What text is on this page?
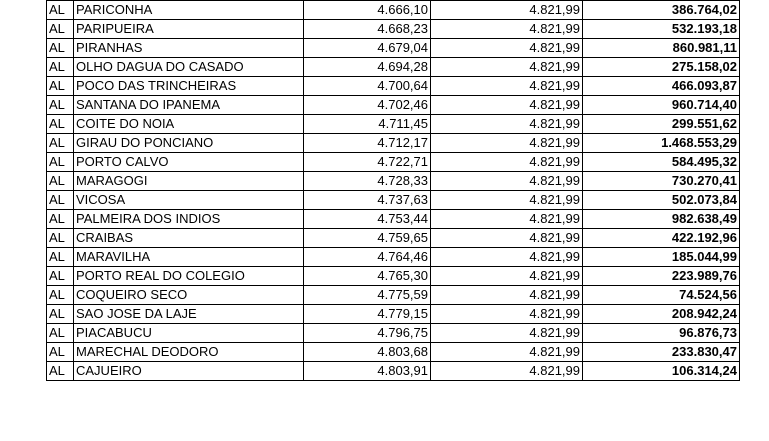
AL	PARICONHA	4.666,10	4.821,99	386.764,02
AL	PARIPUEIRA	4.668,23	4.821,99	532.193,18
AL	PIRANHAS	4.679,04	4.821,99	860.981,11
AL	OLHO DAGUA DO CASADO	4.694,28	4.821,99	275.158,02
AL	POCO DAS TRINCHEIRAS	4.700,64	4.821,99	466.093,87
AL	SANTANA DO IPANEMA	4.702,46	4.821,99	960.714,40
AL	COITE DO NOIA	4.711,45	4.821,99	299.551,62
AL	GIRAU DO PONCIANO	4.712,17	4.821,99	1.468.553,29
AL	PORTO CALVO	4.722,71	4.821,99	584.495,32
AL	MARAGOGI	4.728,33	4.821,99	730.270,41
AL	VICOSA	4.737,63	4.821,99	502.073,84
AL	PALMEIRA DOS INDIOS	4.753,44	4.821,99	982.638,49
AL	CRAIBAS	4.759,65	4.821,99	422.192,96
AL	MARAVILHA	4.764,46	4.821,99	185.044,99
AL	PORTO REAL DO COLEGIO	4.765,30	4.821,99	223.989,76
AL	COQUEIRO SECO	4.775,59	4.821,99	74.524,56
AL	SAO JOSE DA LAJE	4.779,15	4.821,99	208.942,24
AL	PIACABUCU	4.796,75	4.821,99	96.876,73
AL	MARECHAL DEODORO	4.803,68	4.821,99	233.830,47
AL	CAJUEIRO	4.803,91	4.821,99	106.314,24
